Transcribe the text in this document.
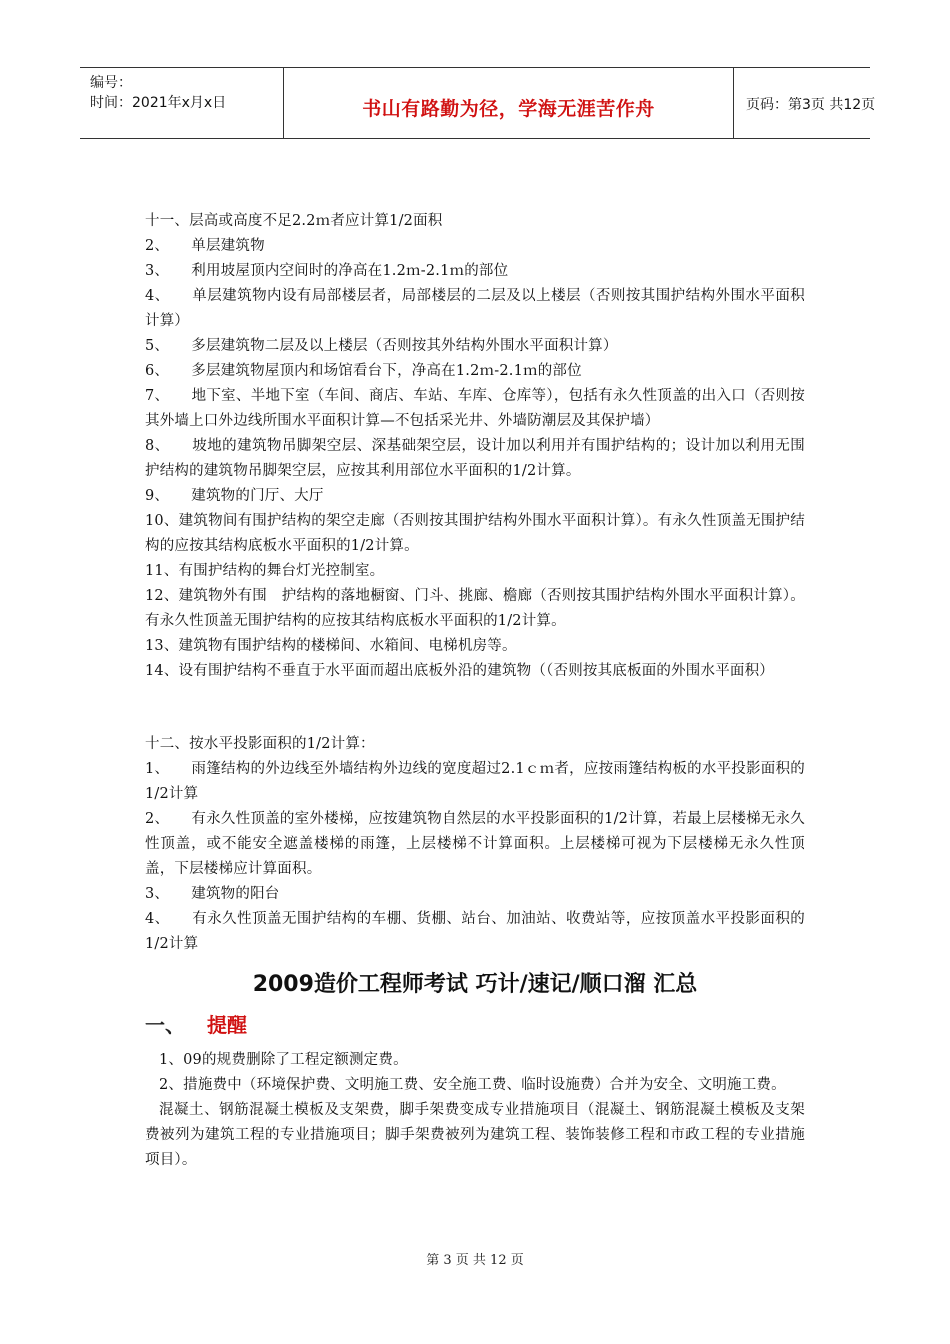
编号：
时间：2021年x月x日	书山有路勤为径，学海无涯苦作舟	页码：第3页 共12页

十一、层高或高度不足2.2ｍ者应计算1/2面积

2、　　单层建筑物

3、　　利用坡屋顶内空间时的净高在1.2ｍ-2.1ｍ的部位

4、　　单层建筑物内设有局部楼层者，局部楼层的二层及以上楼层（否则按其围护结构外围水平面积计算）

5、　　多层建筑物二层及以上楼层（否则按其外结构外围水平面积计算）

6、　　多层建筑物屋顶内和场馆看台下，净高在1.2ｍ-2.1ｍ的部位

7、　　地下室、半地下室（车间、商店、车站、车库、仓库等），包括有永久性顶盖的出入口（否则按其外墙上口外边线所围水平面积计算—不包括采光井、外墙防潮层及其保护墙）

8、　　坡地的建筑物吊脚架空层、深基础架空层，设计加以利用并有围护结构的；设计加以利用无围护结构的建筑物吊脚架空层，应按其利用部位水平面积的1/2计算。

9、　　建筑物的门厅、大厅

10、建筑物间有围护结构的架空走廊（否则按其围护结构外围水平面积计算）。有永久性顶盖无围护结构的应按其结构底板水平面积的1/2计算。

11、有围护结构的舞台灯光控制室。

12、建筑物外有围　护结构的落地橱窗、门斗、挑廊、檐廊（否则按其围护结构外围水平面积计算）。有永久性顶盖无围护结构的应按其结构底板水平面积的1/2计算。

13、建筑物有围护结构的楼梯间、水箱间、电梯机房等。

14、设有围护结构不垂直于水平面而超出底板外沿的建筑物（（否则按其底板面的外围水平面积）

十二、按水平投影面积的1/2计算：

1、　　雨篷结构的外边线至外墙结构外边线的宽度超过2.1ｃｍ者，应按雨篷结构板的水平投影面积的1/2计算

2、　　有永久性顶盖的室外楼梯，应按建筑物自然层的水平投影面积的1/2计算，若最上层楼梯无永久性顶盖，或不能安全遮盖楼梯的雨篷，上层楼梯不计算面积。上层楼梯可视为下层楼梯无永久性顶盖，下层楼梯应计算面积。

3、　　建筑物的阳台

4、　　有永久性顶盖无围护结构的车棚、货棚、站台、加油站、收费站等，应按顶盖水平投影面积的1/2计算

2009造价工程师考试 巧计/速记/顺口溜 汇总
一、 提醒

1、09的规费删除了工程定额测定费。

2、措施费中（环境保护费、文明施工费、安全施工费、临时设施费）合并为安全、文明施工费。

混凝土、钢筋混凝土模板及支架费，脚手架费变成专业措施项目（混凝土、钢筋混凝土模板及支架费被列为建筑工程的专业措施项目；脚手架费被列为建筑工程、装饰装修工程和市政工程的专业措施项目）。

第 3 页 共 12 页
